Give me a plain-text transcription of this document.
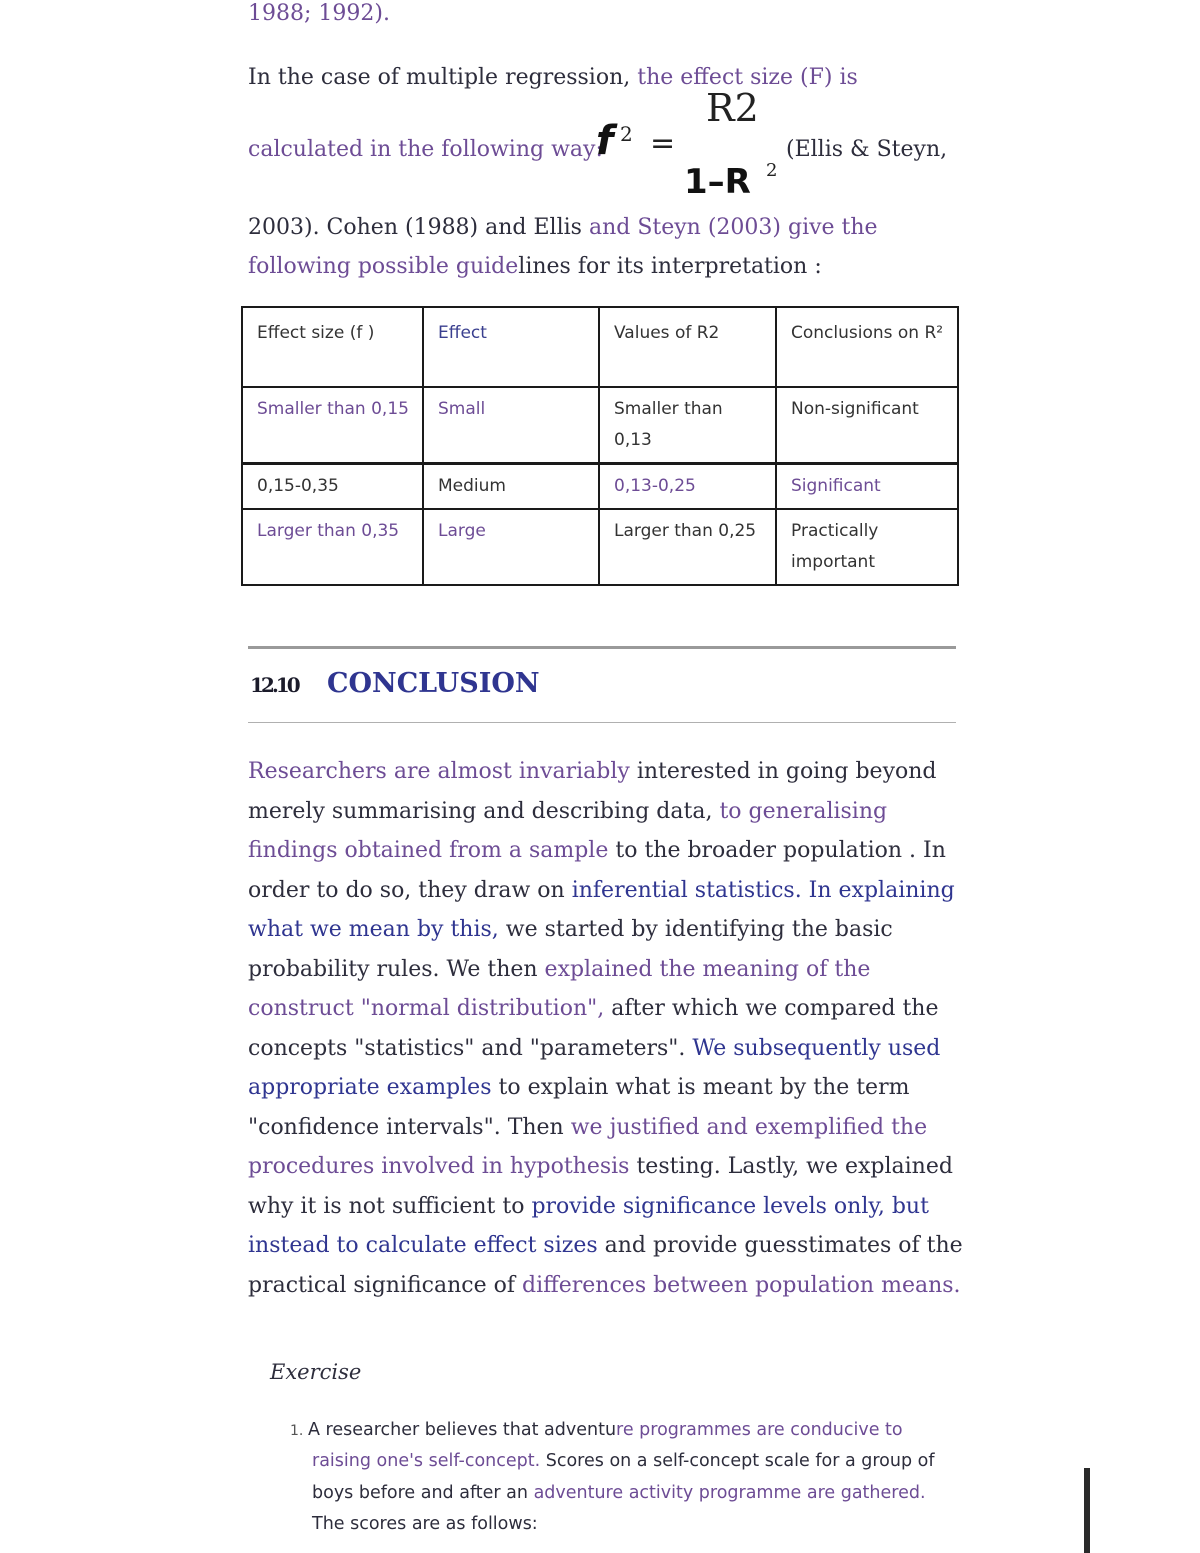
1988; 1992).
In the case of multiple regression, the effect size (F) is
calculated in the following way:
f 2 =
R2
1–R 2
(Ellis & Steyn,
2003). Cohen (1988) and Ellis and Steyn (2003) give the
following possible guidelines for its interpretation :
Effect size (f )	Effect	Values of R2	Conclusions on R²
Smaller than 0,15	Small	Smaller than 0,13	Non-significant
0,15-0,35	Medium	0,13-0,25	Significant
Larger than 0,35	Large	Larger than 0,25	Practically important
12.10 CONCLUSION
Researchers are almost invariably interested in going beyond
merely summarising and describing data, to generalising
findings obtained from a sample to the broader population . In
order to do so, they draw on inferential statistics. In explaining
what we mean by this, we started by identifying the basic
probability rules. We then explained the meaning of the
construct "normal distribution", after which we compared the
concepts "statistics" and "parameters". We subsequently used
appropriate examples to explain what is meant by the term
"confidence intervals". Then we justified and exemplified the
procedures involved in hypothesis testing. Lastly, we explained
why it is not sufficient to provide significance levels only, but
instead to calculate effect sizes and provide guesstimates of the
practical significance of differences between population means.
Exercise
1. A researcher believes that adventure programmes are conducive to
raising one's self-concept. Scores on a self-concept scale for a group of
boys before and after an adventure activity programme are gathered.
The scores are as follows:
